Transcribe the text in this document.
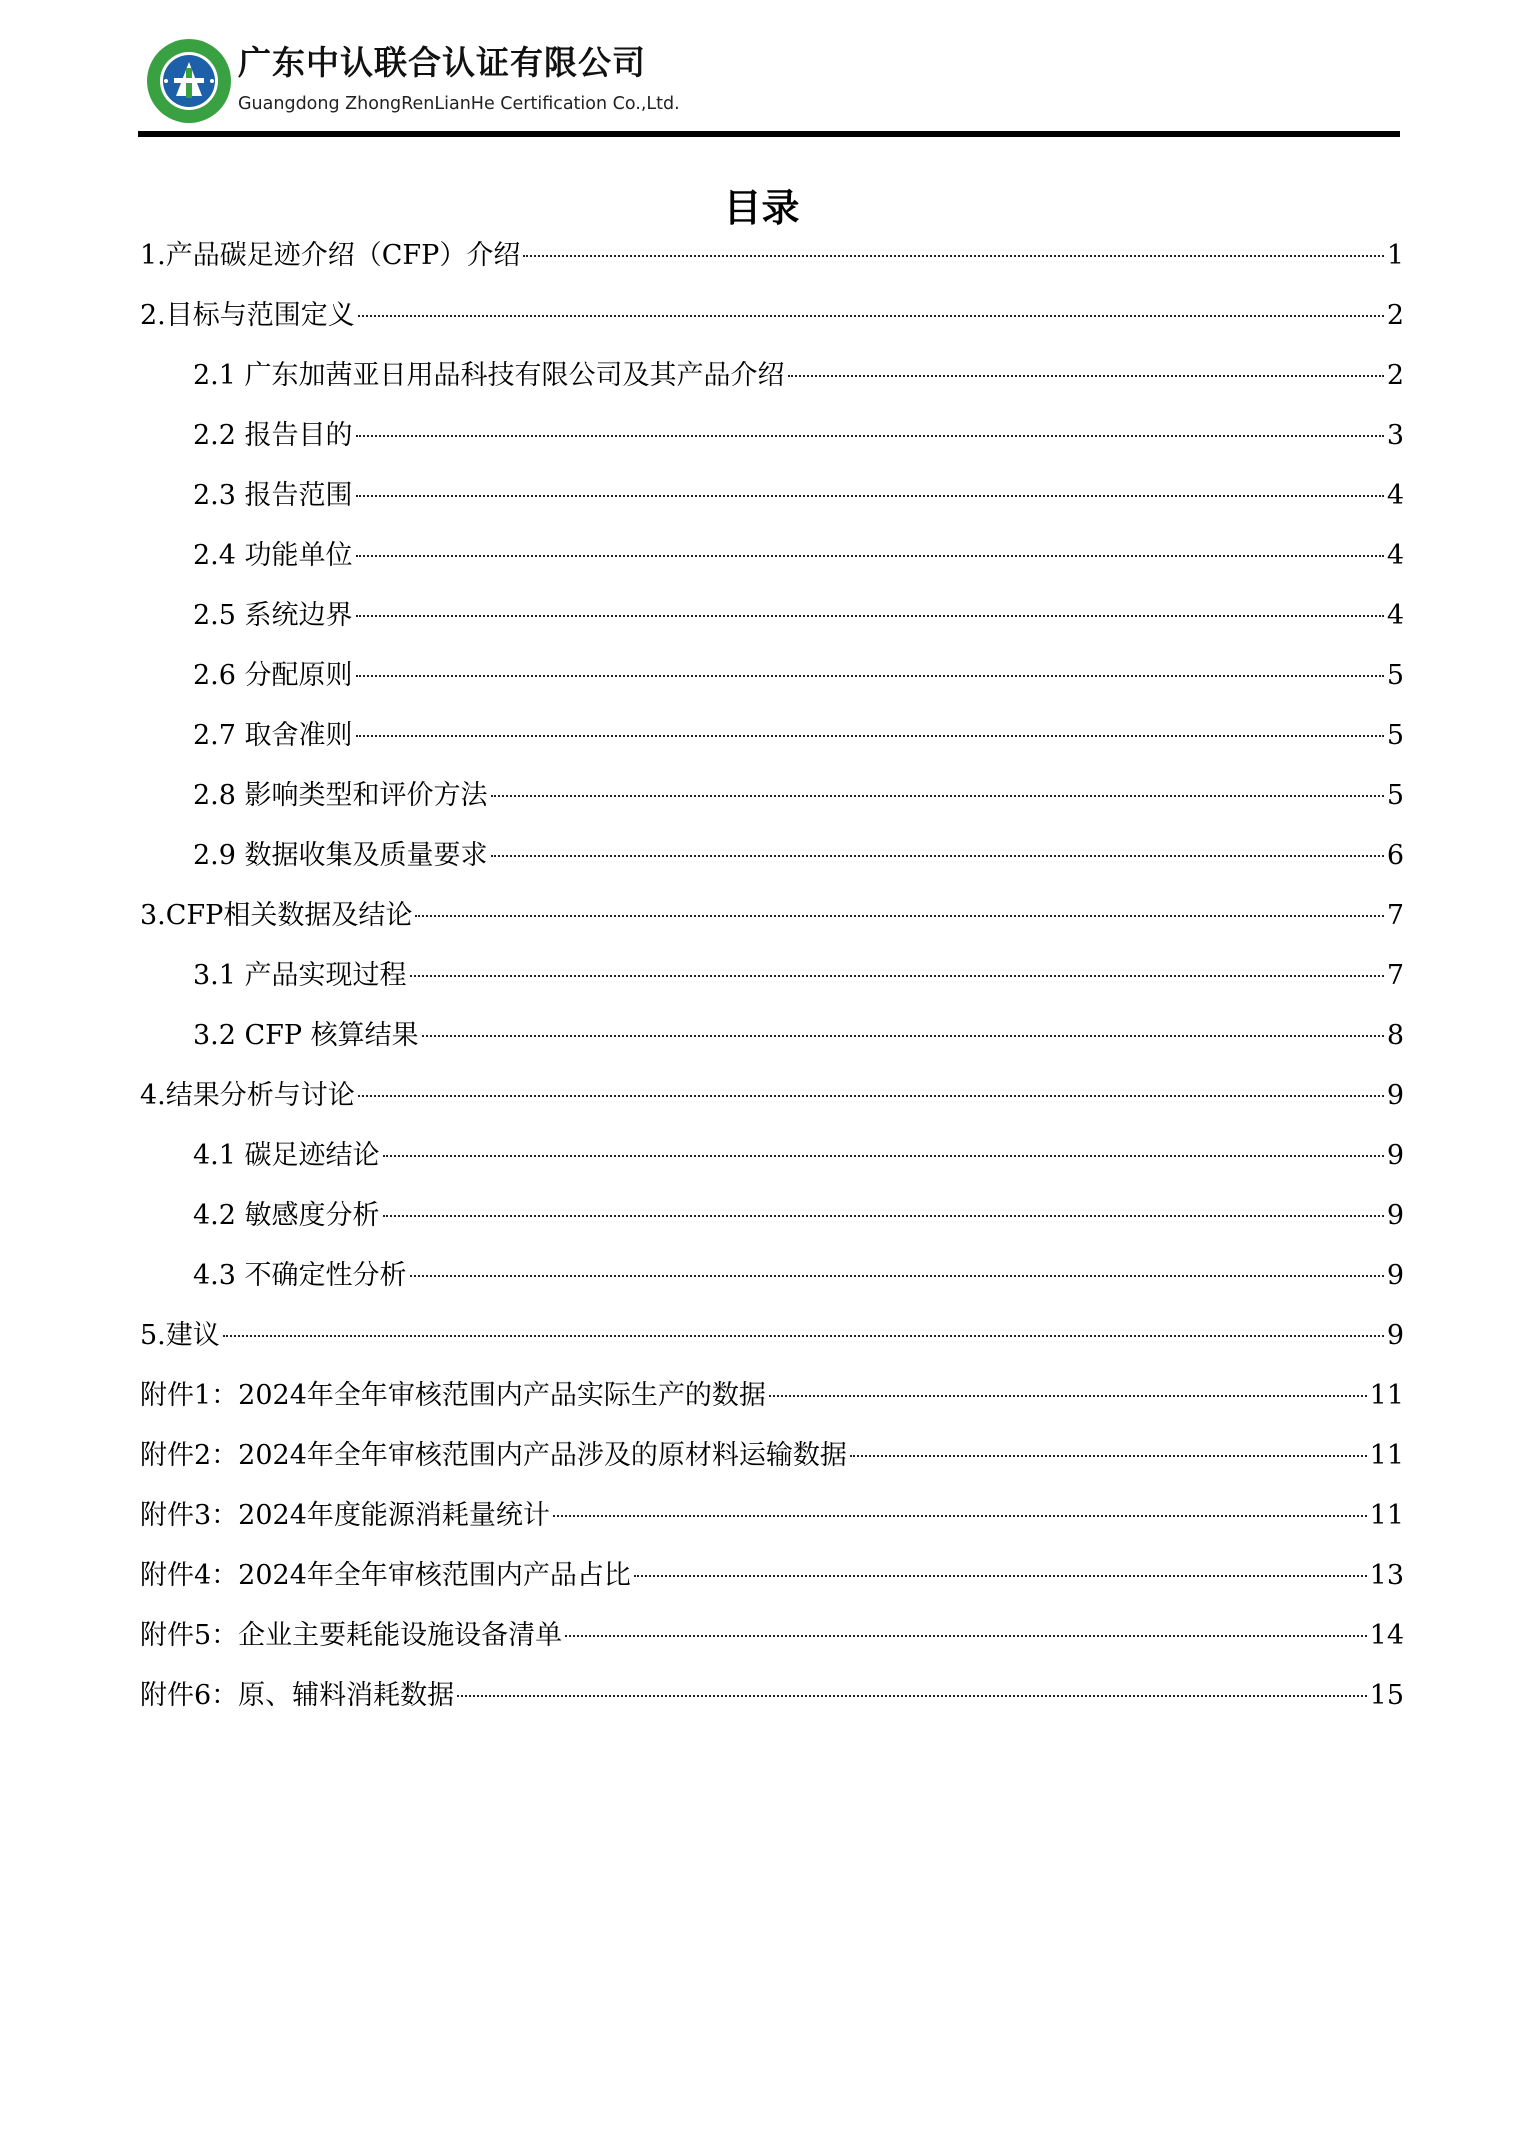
广东中认联合认证有限公司
Guangdong ZhongRenLianHe Certification Co.,Ltd.
目录
1.产品碳足迹介绍（CFP）介绍	1
2.目标与范围定义	2
2.1 广东加茜亚日用品科技有限公司及其产品介绍	2
2.2 报告目的	3
2.3 报告范围	4
2.4 功能单位	4
2.5 系统边界	4
2.6 分配原则	5
2.7 取舍准则	5
2.8 影响类型和评价方法	5
2.9 数据收集及质量要求	6
3.CFP相关数据及结论	7
3.1 产品实现过程	7
3.2 CFP 核算结果	8
4.结果分析与讨论	9
4.1 碳足迹结论	9
4.2 敏感度分析	9
4.3 不确定性分析	9
5.建议	9
附件1：2024年全年审核范围内产品实际生产的数据	11
附件2：2024年全年审核范围内产品涉及的原材料运输数据	11
附件3：2024年度能源消耗量统计	11
附件4：2024年全年审核范围内产品占比	13
附件5：企业主要耗能设施设备清单	14
附件6：原、辅料消耗数据	15
